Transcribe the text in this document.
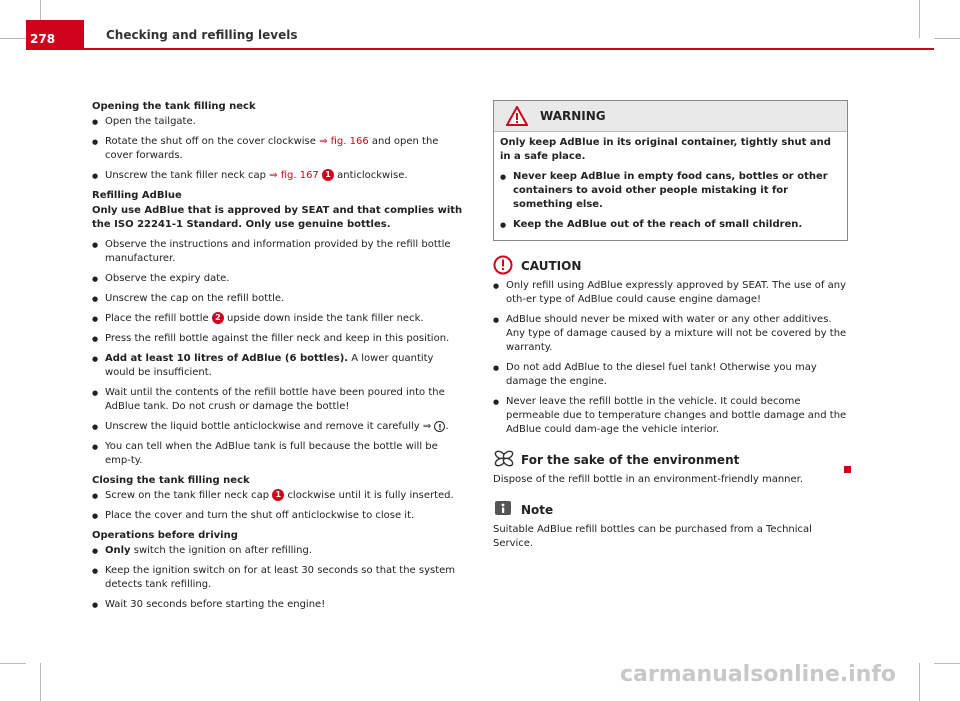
278	Checking and refilling levels

Opening the tank filling neck

● Open the tailgate.

● Rotate the shut off on the cover clockwise ⇒ fig. 166 and open the cover forwards.

● Unscrew the tank filler neck cap ⇒ fig. 167 1 anticlockwise.

Refilling AdBlue

Only use AdBlue that is approved by SEAT and that complies with the ISO 22241-1 Standard. Only use genuine bottles.

● Observe the instructions and information provided by the refill bottle manufacturer.

● Observe the expiry date.

● Unscrew the cap on the refill bottle.

● Place the refill bottle 2 upside down inside the tank filler neck.

● Press the refill bottle against the filler neck and keep in this position.

● Add at least 10 litres of AdBlue (6 bottles). A lower quantity would be insufficient.

● Wait until the contents of the refill bottle have been poured into the AdBlue tank. Do not crush or damage the bottle!

● Unscrew the liquid bottle anticlockwise and remove it carefully ⇒ ! .

● You can tell when the AdBlue tank is full because the bottle will be emp-ty.

Closing the tank filling neck

● Screw on the tank filler neck cap 1 clockwise until it is fully inserted.

● Place the cover and turn the shut off anticlockwise to close it.

Operations before driving

● Only switch the ignition on after refilling.

● Keep the ignition switch on for at least 30 seconds so that the system detects tank refilling.

● Wait 30 seconds before starting the engine!

WARNING

Only keep AdBlue in its original container, tightly shut and in a safe place.

● Never keep AdBlue in empty food cans, bottles or other containers to avoid other people mistaking it for something else.

● Keep the AdBlue out of the reach of small children.

CAUTION

● Only refill using AdBlue expressly approved by SEAT. The use of any oth-er type of AdBlue could cause engine damage!

● AdBlue should never be mixed with water or any other additives. Any type of damage caused by a mixture will not be covered by the warranty.

● Do not add AdBlue to the diesel fuel tank! Otherwise you may damage the engine.

● Never leave the refill bottle in the vehicle. It could become permeable due to temperature changes and bottle damage and the AdBlue could dam-age the vehicle interior.

For the sake of the environment

Dispose of the refill bottle in an environment-friendly manner.

Note

Suitable AdBlue refill bottles can be purchased from a Technical Service.

carmanualsonline.info
